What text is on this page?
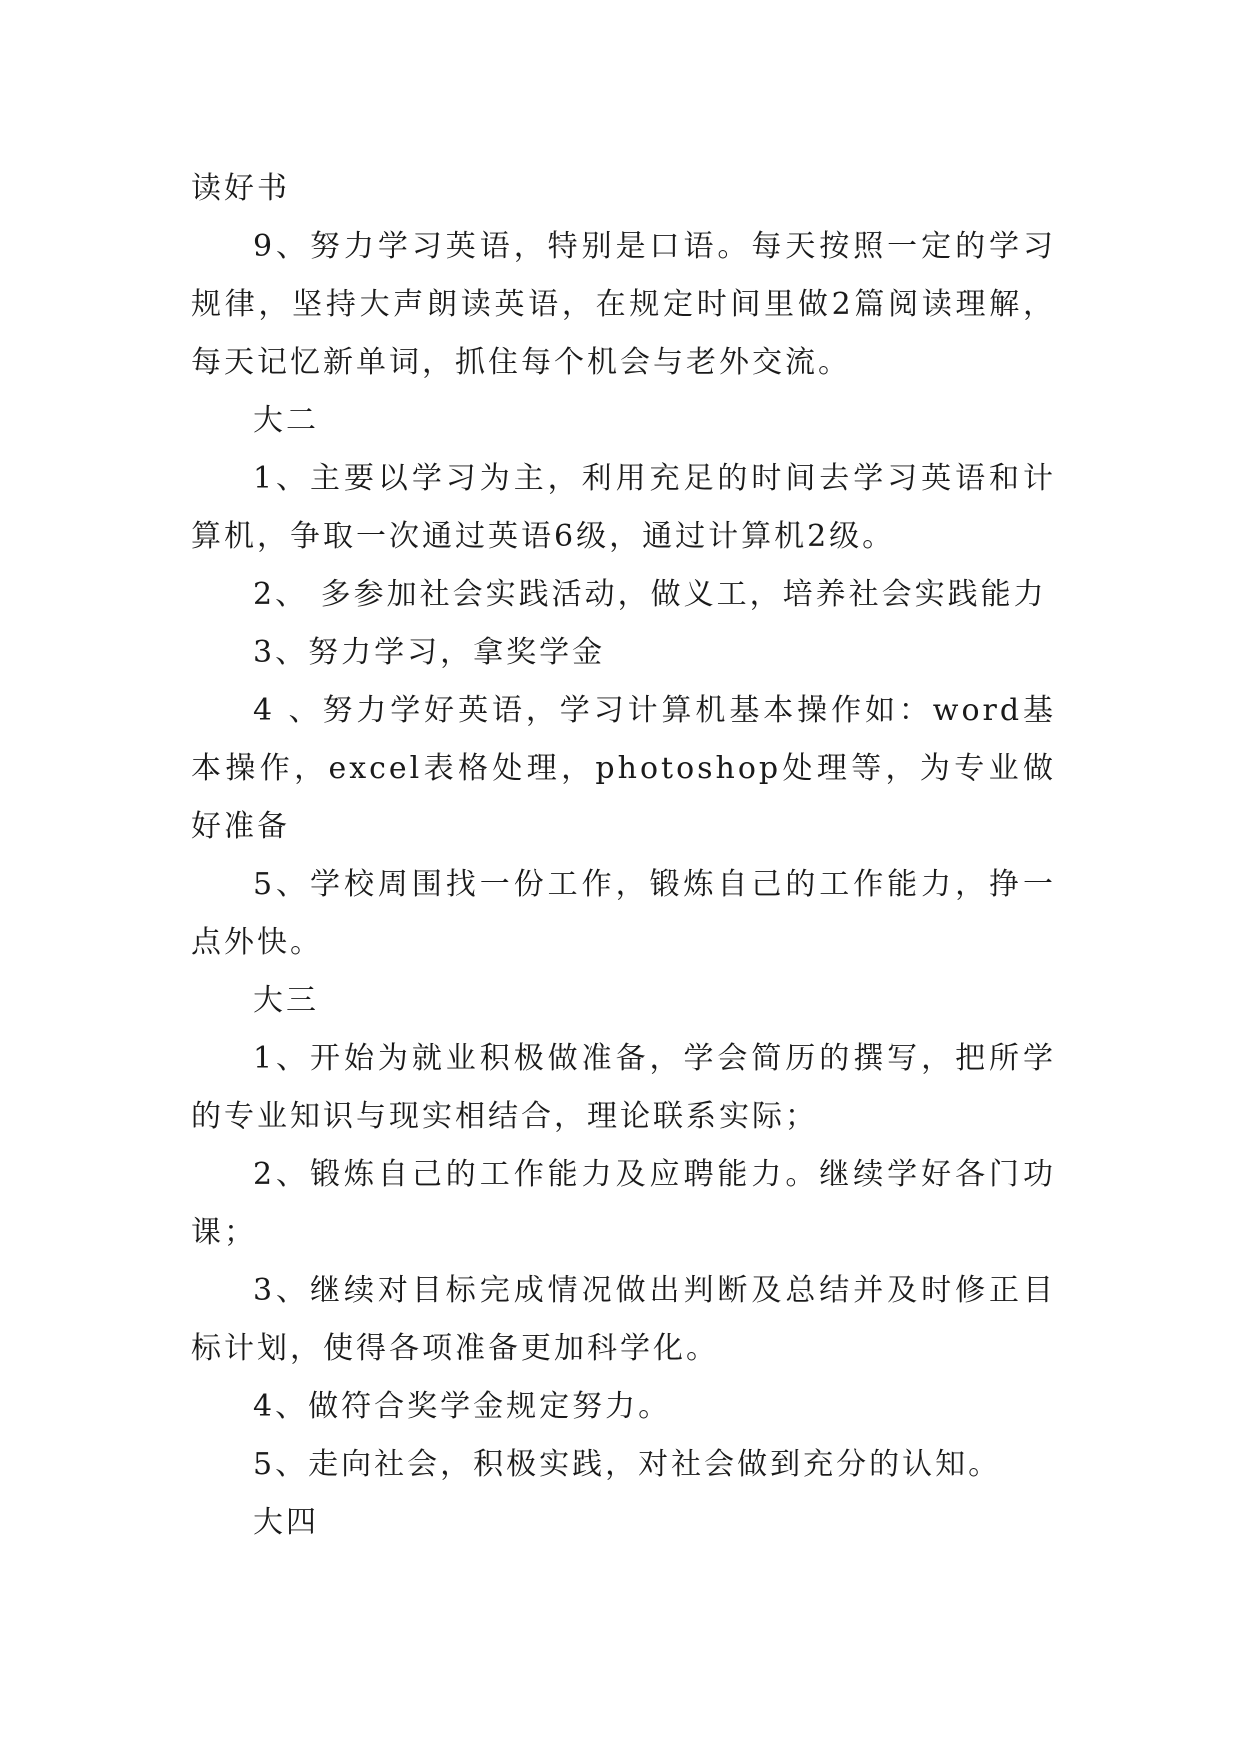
读好书

9、努力学习英语，特别是口语。每天按照一定的学习规律，坚持大声朗读英语，在规定时间里做2篇阅读理解，每天记忆新单词，抓住每个机会与老外交流。

大二

1、主要以学习为主，利用充足的时间去学习英语和计算机，争取一次通过英语6级，通过计算机2级。

2、 多参加社会实践活动，做义工，培养社会实践能力

3、努力学习，拿奖学金

4 、努力学好英语，学习计算机基本操作如：word基本操作，excel表格处理，photoshop处理等，为专业做好准备

5、学校周围找一份工作，锻炼自己的工作能力，挣一点外快。

大三

1、开始为就业积极做准备，学会简历的撰写，把所学的专业知识与现实相结合，理论联系实际；

2、锻炼自己的工作能力及应聘能力。继续学好各门功课；

3、继续对目标完成情况做出判断及总结并及时修正目标计划，使得各项准备更加科学化。

4、做符合奖学金规定努力。

5、走向社会，积极实践，对社会做到充分的认知。

大四
